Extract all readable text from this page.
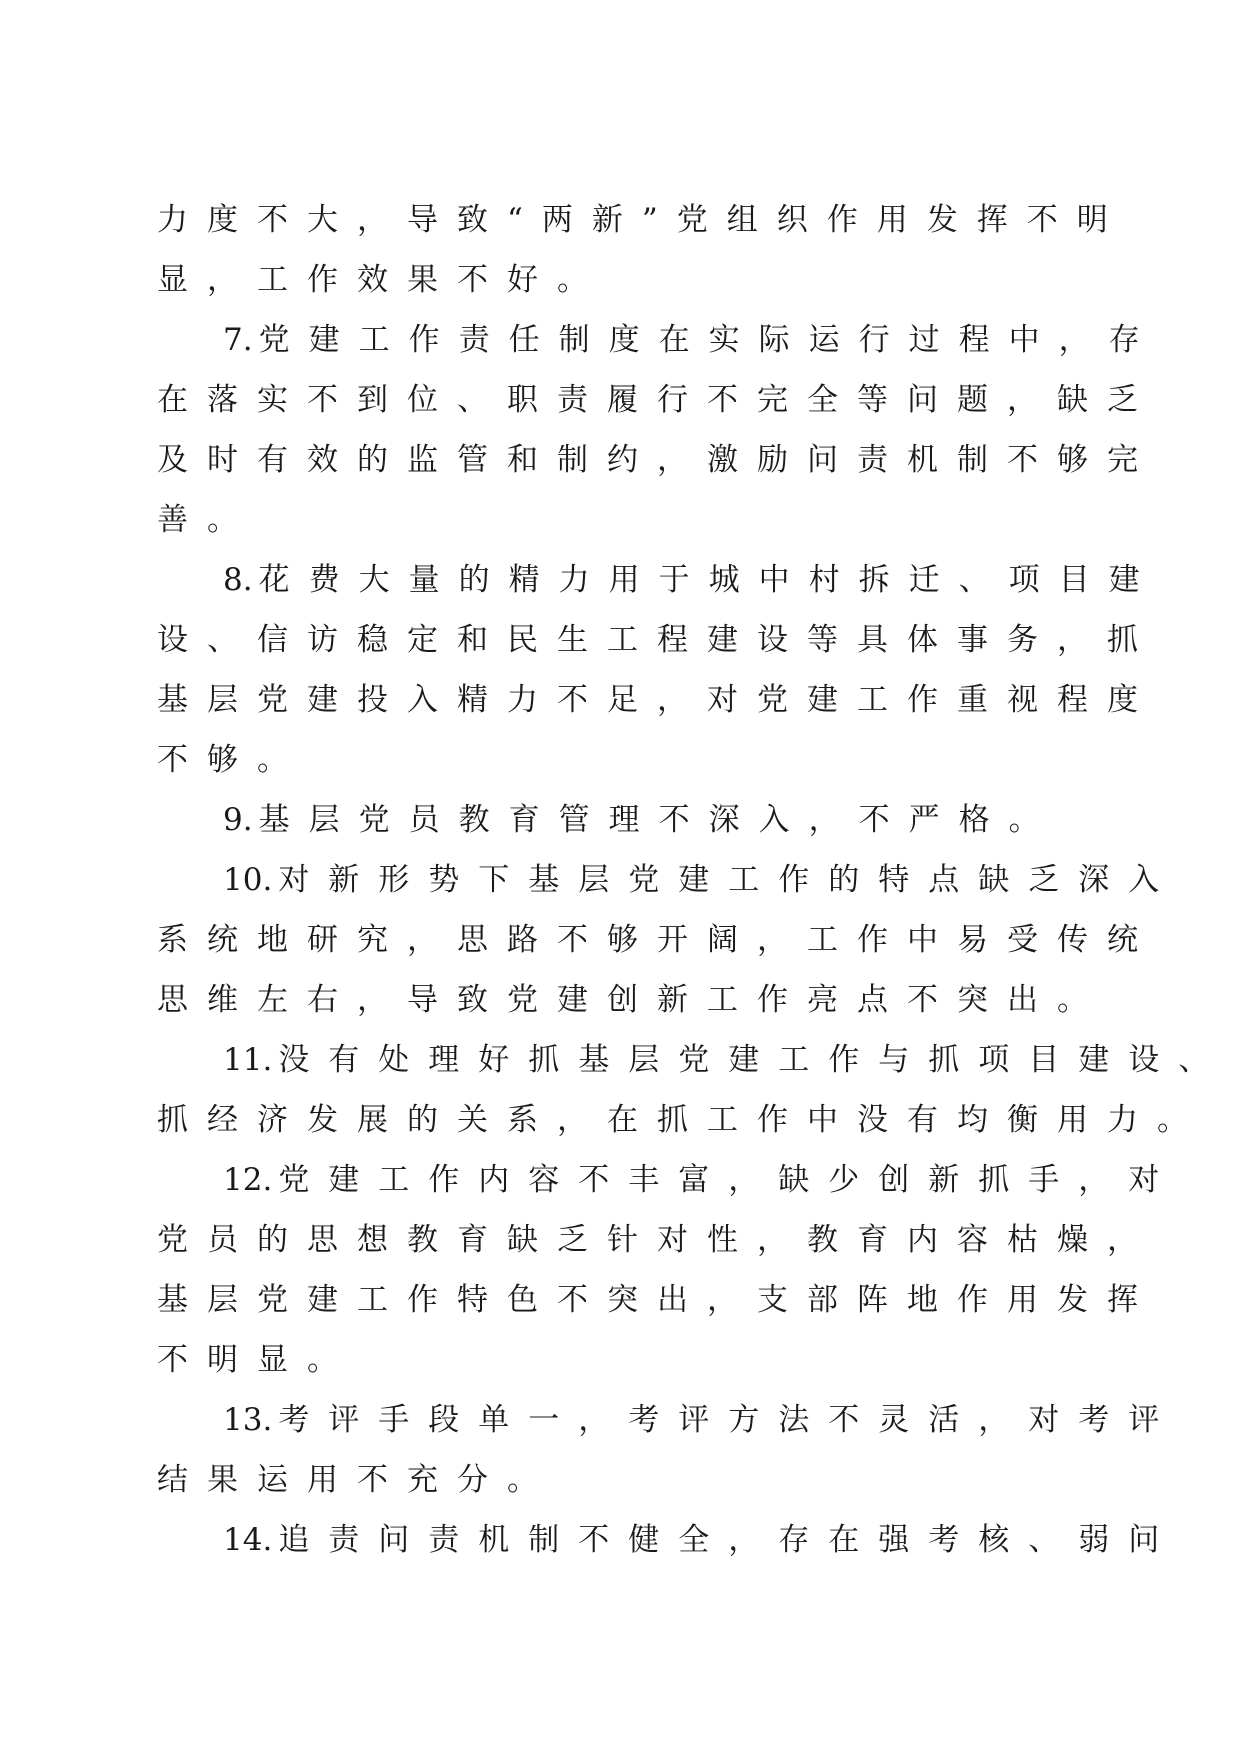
力度不大，导致“两新”党组织作用发挥不明
显，工作效果不好。
7. 党建工作责任制度在实际运行过程中，存
在落实不到位、职责履行不完全等问题，缺乏
及时有效的监管和制约，激励问责机制不够完
善。
8. 花费大量的精力用于城中村拆迁、项目建
设、信访稳定和民生工程建设等具体事务，抓
基层党建投入精力不足，对党建工作重视程度
不够。
9. 基层党员教育管理不深入，不严格。
10. 对新形势下基层党建工作的特点缺乏深入
系统地研究，思路不够开阔，工作中易受传统
思维左右，导致党建创新工作亮点不突出。
11. 没有处理好抓基层党建工作与抓项目建设、
抓经济发展的关系，在抓工作中没有均衡用力。
12. 党建工作内容不丰富，缺少创新抓手，对
党员的思想教育缺乏针对性，教育内容枯燥，
基层党建工作特色不突出，支部阵地作用发挥
不明显。
13. 考评手段单一，考评方法不灵活，对考评
结果运用不充分。
14. 追责问责机制不健全，存在强考核、弱问
